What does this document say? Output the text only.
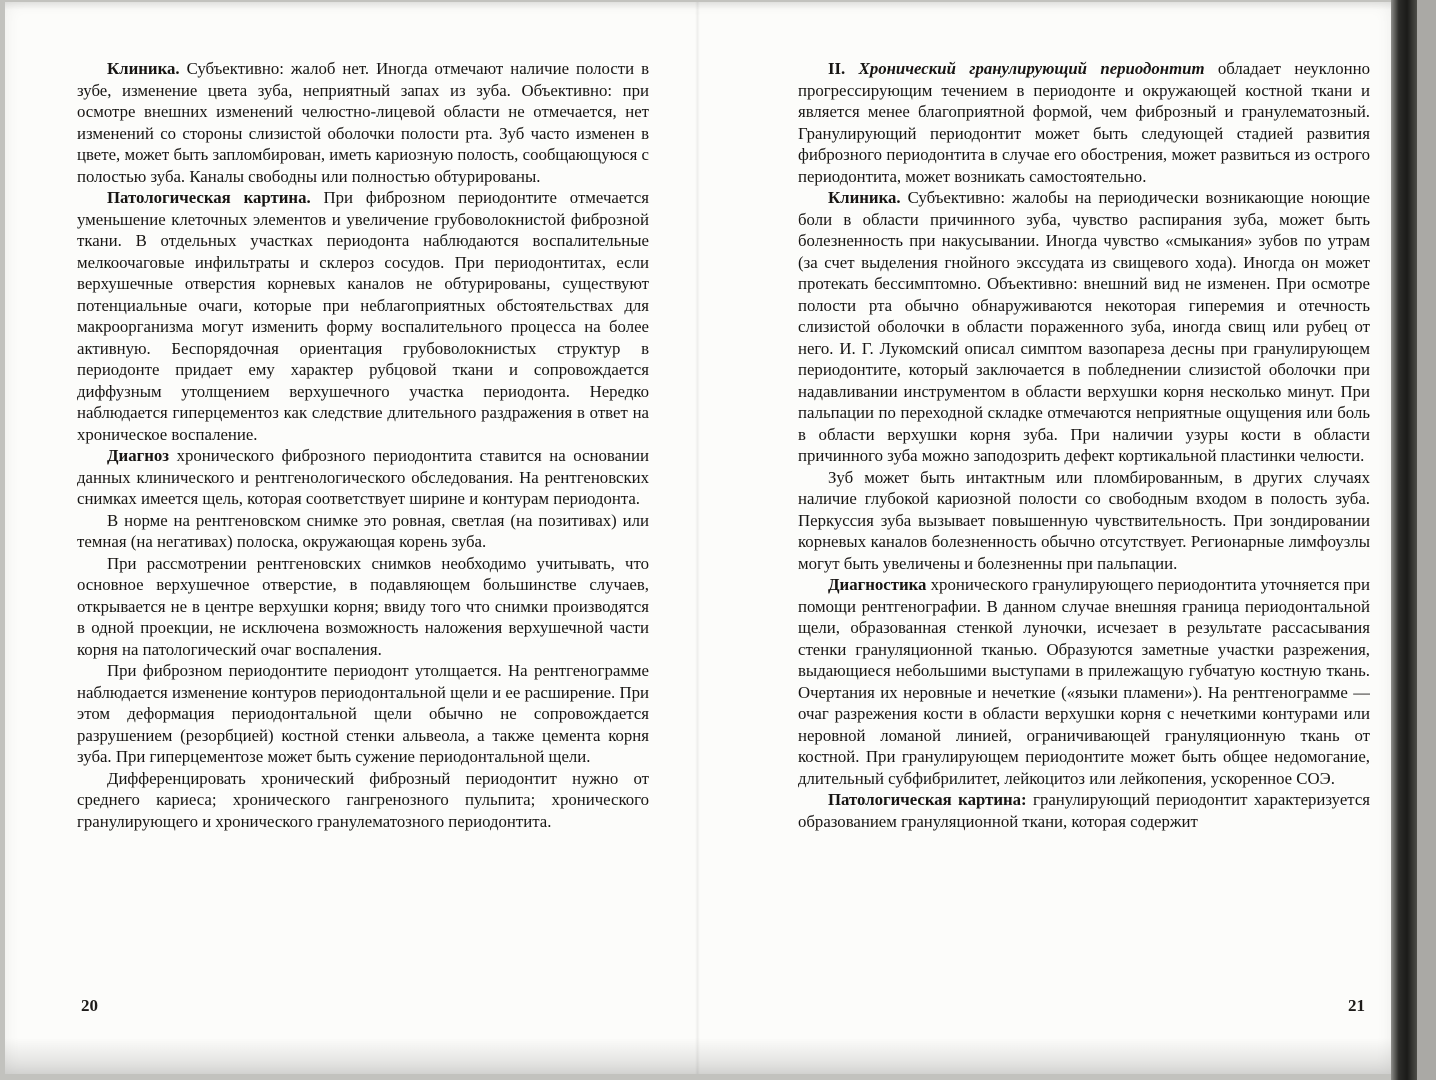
Клиника. Субъективно: жалоб нет. Иногда отмечают наличие полости в зубе, изменение цвета зуба, неприятный запах из зуба. Объективно: при осмотре внешних изменений челюстно-лицевой области не отмечается, нет изменений со стороны слизистой оболочки полости рта. Зуб часто изменен в цвете, может быть запломбирован, иметь кариозную полость, сообщающуюся с полостью зуба. Каналы свободны или полностью обтурированы.

Патологическая картина. При фиброзном периодонтите отмечается уменьшение клеточных элементов и увеличение грубоволокнистой фиброзной ткани. В отдельных участках периодонта наблюдаются воспалительные мелкоочаговые инфильтраты и склероз сосудов. При периодонтитах, если верхушечные отверстия корневых каналов не обтурированы, существуют потенциальные очаги, которые при неблагоприятных обстоятельствах для макроорганизма могут изменить форму воспалительного процесса на более активную. Беспорядочная ориентация грубоволокнистых структур в периодонте придает ему характер рубцовой ткани и сопровождается диффузным утолщением верхушечного участка периодонта. Нередко наблюдается гиперцементоз как следствие длительного раздражения в ответ на хроническое воспаление.

Диагноз хронического фиброзного периодонтита ставится на основании данных клинического и рентгенологического обследования. На рентгеновских снимках имеется щель, которая соответствует ширине и контурам периодонта.

В норме на рентгеновском снимке это ровная, светлая (на позитивах) или темная (на негативах) полоска, окружающая корень зуба.

При рассмотрении рентгеновских снимков необходимо учитывать, что основное верхушечное отверстие, в подавляющем большинстве случаев, открывается не в центре верхушки корня; ввиду того что снимки производятся в одной проекции, не исключена возможность наложения верхушечной части корня на патологический очаг воспаления.

При фиброзном периодонтите периодонт утолщается. На рентгенограмме наблюдается изменение контуров периодонтальной щели и ее расширение. При этом деформация периодонтальной щели обычно не сопровождается разрушением (резорбцией) костной стенки альвеола, а также цемента корня зуба. При гиперцементозе может быть сужение периодонтальной щели.

Дифференцировать хронический фиброзный периодонтит нужно от среднего кариеса; хронического гангренозного пульпита; хронического гранулирующего и хронического гранулематозного периодонтита.

20

II. Хронический гранулирующий периодонтит обладает неуклонно прогрессирующим течением в периодонте и окружающей костной ткани и является менее благоприятной формой, чем фиброзный и гранулематозный. Гранулирующий периодонтит может быть следующей стадией развития фиброзного периодонтита в случае его обострения, может развиться из острого периодонтита, может возникать самостоятельно.

Клиника. Субъективно: жалобы на периодически возникающие ноющие боли в области причинного зуба, чувство распирания зуба, может быть болезненность при накусывании. Иногда чувство «смыкания» зубов по утрам (за счет выделения гнойного экссудата из свищевого хода). Иногда он может протекать бессимптомно. Объективно: внешний вид не изменен. При осмотре полости рта обычно обнаруживаются некоторая гиперемия и отечность слизистой оболочки в области пораженного зуба, иногда свищ или рубец от него. И. Г. Лукомский описал симптом вазопареза десны при гранулирующем периодонтите, который заключается в побледнении слизистой оболочки при надавливании инструментом в области верхушки корня несколько минут. При пальпации по переходной складке отмечаются неприятные ощущения или боль в области верхушки корня зуба. При наличии узуры кости в области причинного зуба можно заподозрить дефект кортикальной пластинки челюсти.

Зуб может быть интактным или пломбированным, в других случаях наличие глубокой кариозной полости со свободным входом в полость зуба. Перкуссия зуба вызывает повышенную чувствительность. При зондировании корневых каналов болезненность обычно отсутствует. Регионарные лимфоузлы могут быть увеличены и болезненны при пальпации.

Диагностика хронического гранулирующего периодонтита уточняется при помощи рентгенографии. В данном случае внешняя граница периодонтальной щели, образованная стенкой луночки, исчезает в результате рассасывания стенки грануляционной тканью. Образуются заметные участки разрежения, выдающиеся небольшими выступами в прилежащую губчатую костную ткань. Очертания их неровные и нечеткие («языки пламени»). На рентгенограмме — очаг разрежения кости в области верхушки корня с нечеткими контурами или неровной ломаной линией, ограничивающей грануляционную ткань от костной. При гранулирующем периодонтите может быть общее недомогание, длительный субфибрилитет, лейкоцитоз или лейкопения, ускоренное СОЭ.

Патологическая картина: гранулирующий периодонтит характеризуется образованием грануляционной ткани, которая содержит

21
